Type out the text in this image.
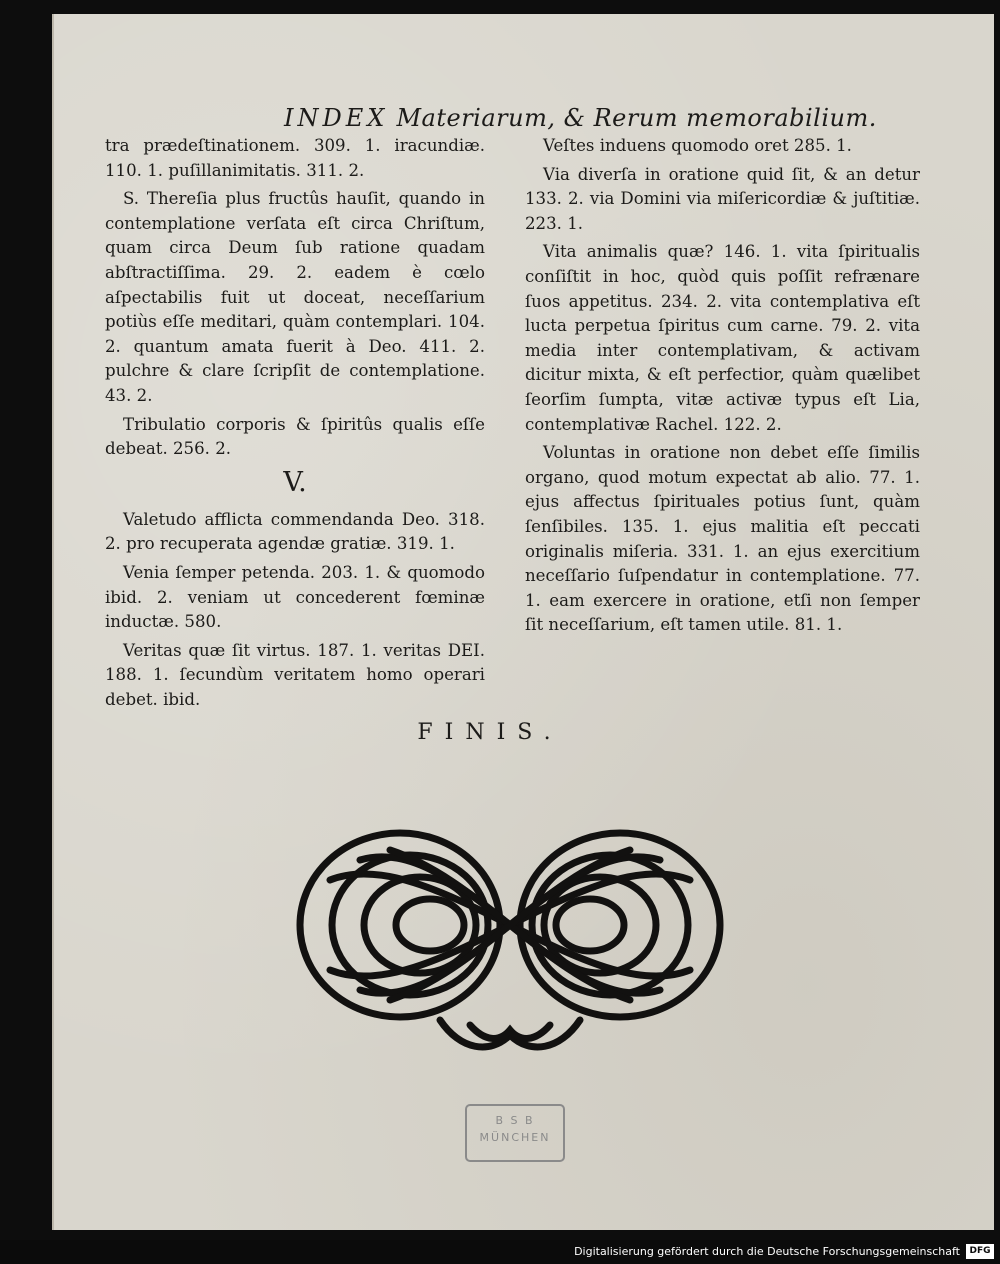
INDEX Materiarum, & Rerum memorabilium.

tra prædeſtinationem. 309. 1. iracundiæ. 110. 1. puſillanimitatis. 311. 2.

S. Thereſia plus fructûs hauſit, quando in contemplatione verſata eſt circa Chriſtum, quam circa Deum ſub ratione quadam abſtractiſſima. 29. 2. eadem è cœlo aſpectabilis fuit ut doceat, neceſſarium potiùs eſſe meditari, quàm contemplari. 104. 2. quantum amata fuerit à Deo. 411. 2. pulchre & clare ſcripſit de contemplatione. 43. 2.

Tribulatio corporis & ſpiritûs qualis eſſe debeat. 256. 2.

V.

Valetudo afflicta commendanda Deo. 318. 2. pro recuperata agendæ gratiæ. 319. 1.

Venia ſemper petenda. 203. 1. & quomodo ibid. 2. veniam ut concederent fœminæ inductæ. 580.

Veritas quæ ſit virtus. 187. 1. veritas DEI. 188. 1. ſecundùm veritatem homo operari debet. ibid.

Veſtes induens quomodo oret 285. 1.

Via diverſa in oratione quid ſit, & an detur 133. 2. via Domini via miſericordiæ & juſtitiæ. 223. 1.

Vita animalis quæ? 146. 1. vita ſpiritualis conſiſtit in hoc, quòd quis poſſit refrænare ſuos appetitus. 234. 2. vita contemplativa eſt lucta perpetua ſpiritus cum carne. 79. 2. vita media inter contemplativam, & activam dicitur mixta, & eſt perfectior, quàm quælibet ſeorſim ſumpta, vitæ activæ typus eſt Lia, contemplativæ Rachel. 122. 2.

Voluntas in oratione non debet eſſe ſimilis organo, quod motum expectat ab alio. 77. 1. ejus affectus ſpirituales potius ſunt, quàm ſenſibiles. 135. 1. ejus malitia eſt peccati originalis miſeria. 331. 1. an ejus exercitium neceſſario ſuſpendatur in contemplatione. 77. 1. eam exercere in oratione, etſi non ſemper ſit neceſſarium, eſt tamen utile. 81. 1.

FINIS.
B S B
MÜNCHEN
Digitalisierung gefördert durch die Deutsche Forschungsgemeinschaft	DFG
